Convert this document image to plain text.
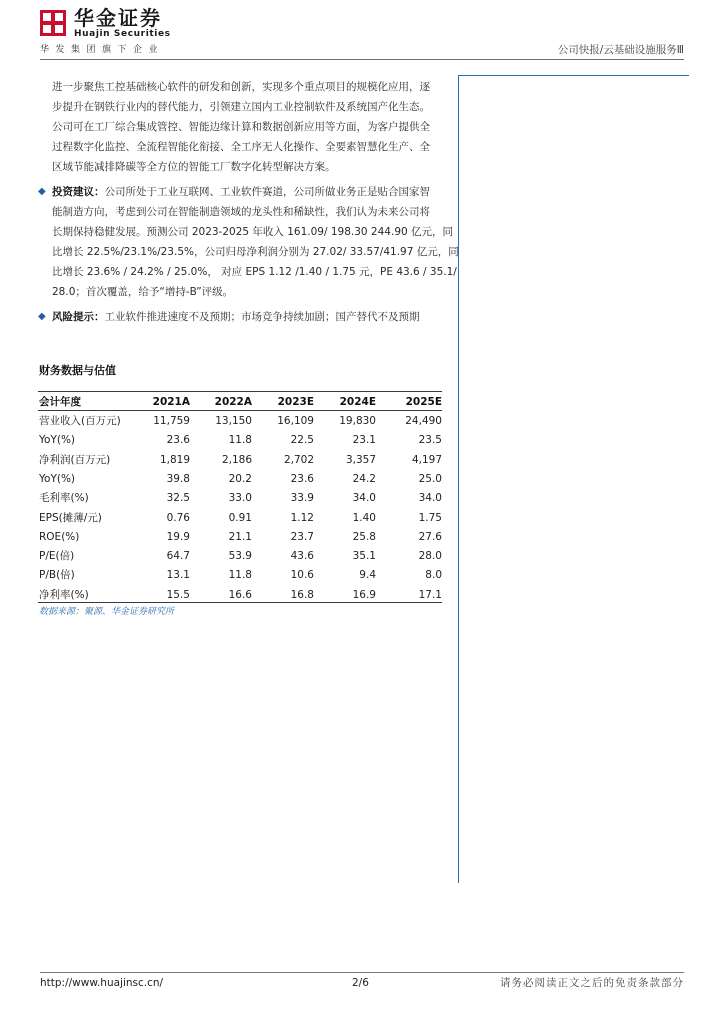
华金证券
Huajin Securities
华发集团旗下企业	公司快报/云基础设施服务Ⅲ
进一步聚焦工控基础核心软件的研发和创新，实现多个重点项目的规模化应用，逐
步提升在钢铁行业内的替代能力，引领建立国内工业控制软件及系统国产化生态。
公司可在工厂综合集成管控、智能边缘计算和数据创新应用等方面，为客户提供全
过程数字化监控、全流程智能化衔接、全工序无人化操作、全要素智慧化生产、全
区域节能减排降碳等全方位的智能工厂数字化转型解决方案。
◆ 投资建议：公司所处于工业互联网、工业软件赛道，公司所做业务正是贴合国家智
能制造方向，考虑到公司在智能制造领域的龙头性和稀缺性，我们认为未来公司将
长期保持稳健发展。预测公司 2023-2025 年收入 161.09/ 198.30 244.90 亿元，同
比增长 22.5%/23.1%/23.5%，公司归母净利润分别为 27.02/ 33.57/41.97 亿元，同
比增长 23.6% / 24.2% / 25.0%， 对应 EPS 1.12 /1.40 / 1.75 元，PE 43.6 / 35.1/
28.0；首次覆盖，给予“增持-B”评级。
◆ 风险提示：工业软件推进速度不及预期；市场竞争持续加剧；国产替代不及预期
财务数据与估值
会计年度	2021A	2022A	2023E	2024E	2025E
营业收入(百万元)	11,759	13,150	16,109	19,830	24,490
YoY(%)	23.6	11.8	22.5	23.1	23.5
净利润(百万元)	1,819	2,186	2,702	3,357	4,197
YoY(%)	39.8	20.2	23.6	24.2	25.0
毛利率(%)	32.5	33.0	33.9	34.0	34.0
EPS(摊薄/元)	0.76	0.91	1.12	1.40	1.75
ROE(%)	19.9	21.1	23.7	25.8	27.6
P/E(倍)	64.7	53.9	43.6	35.1	28.0
P/B(倍)	13.1	11.8	10.6	9.4	8.0
净利率(%)	15.5	16.6	16.8	16.9	17.1
数据来源：聚源、华金证券研究所
http://www.huajinsc.cn/	2/6	请务必阅读正文之后的免责条款部分
